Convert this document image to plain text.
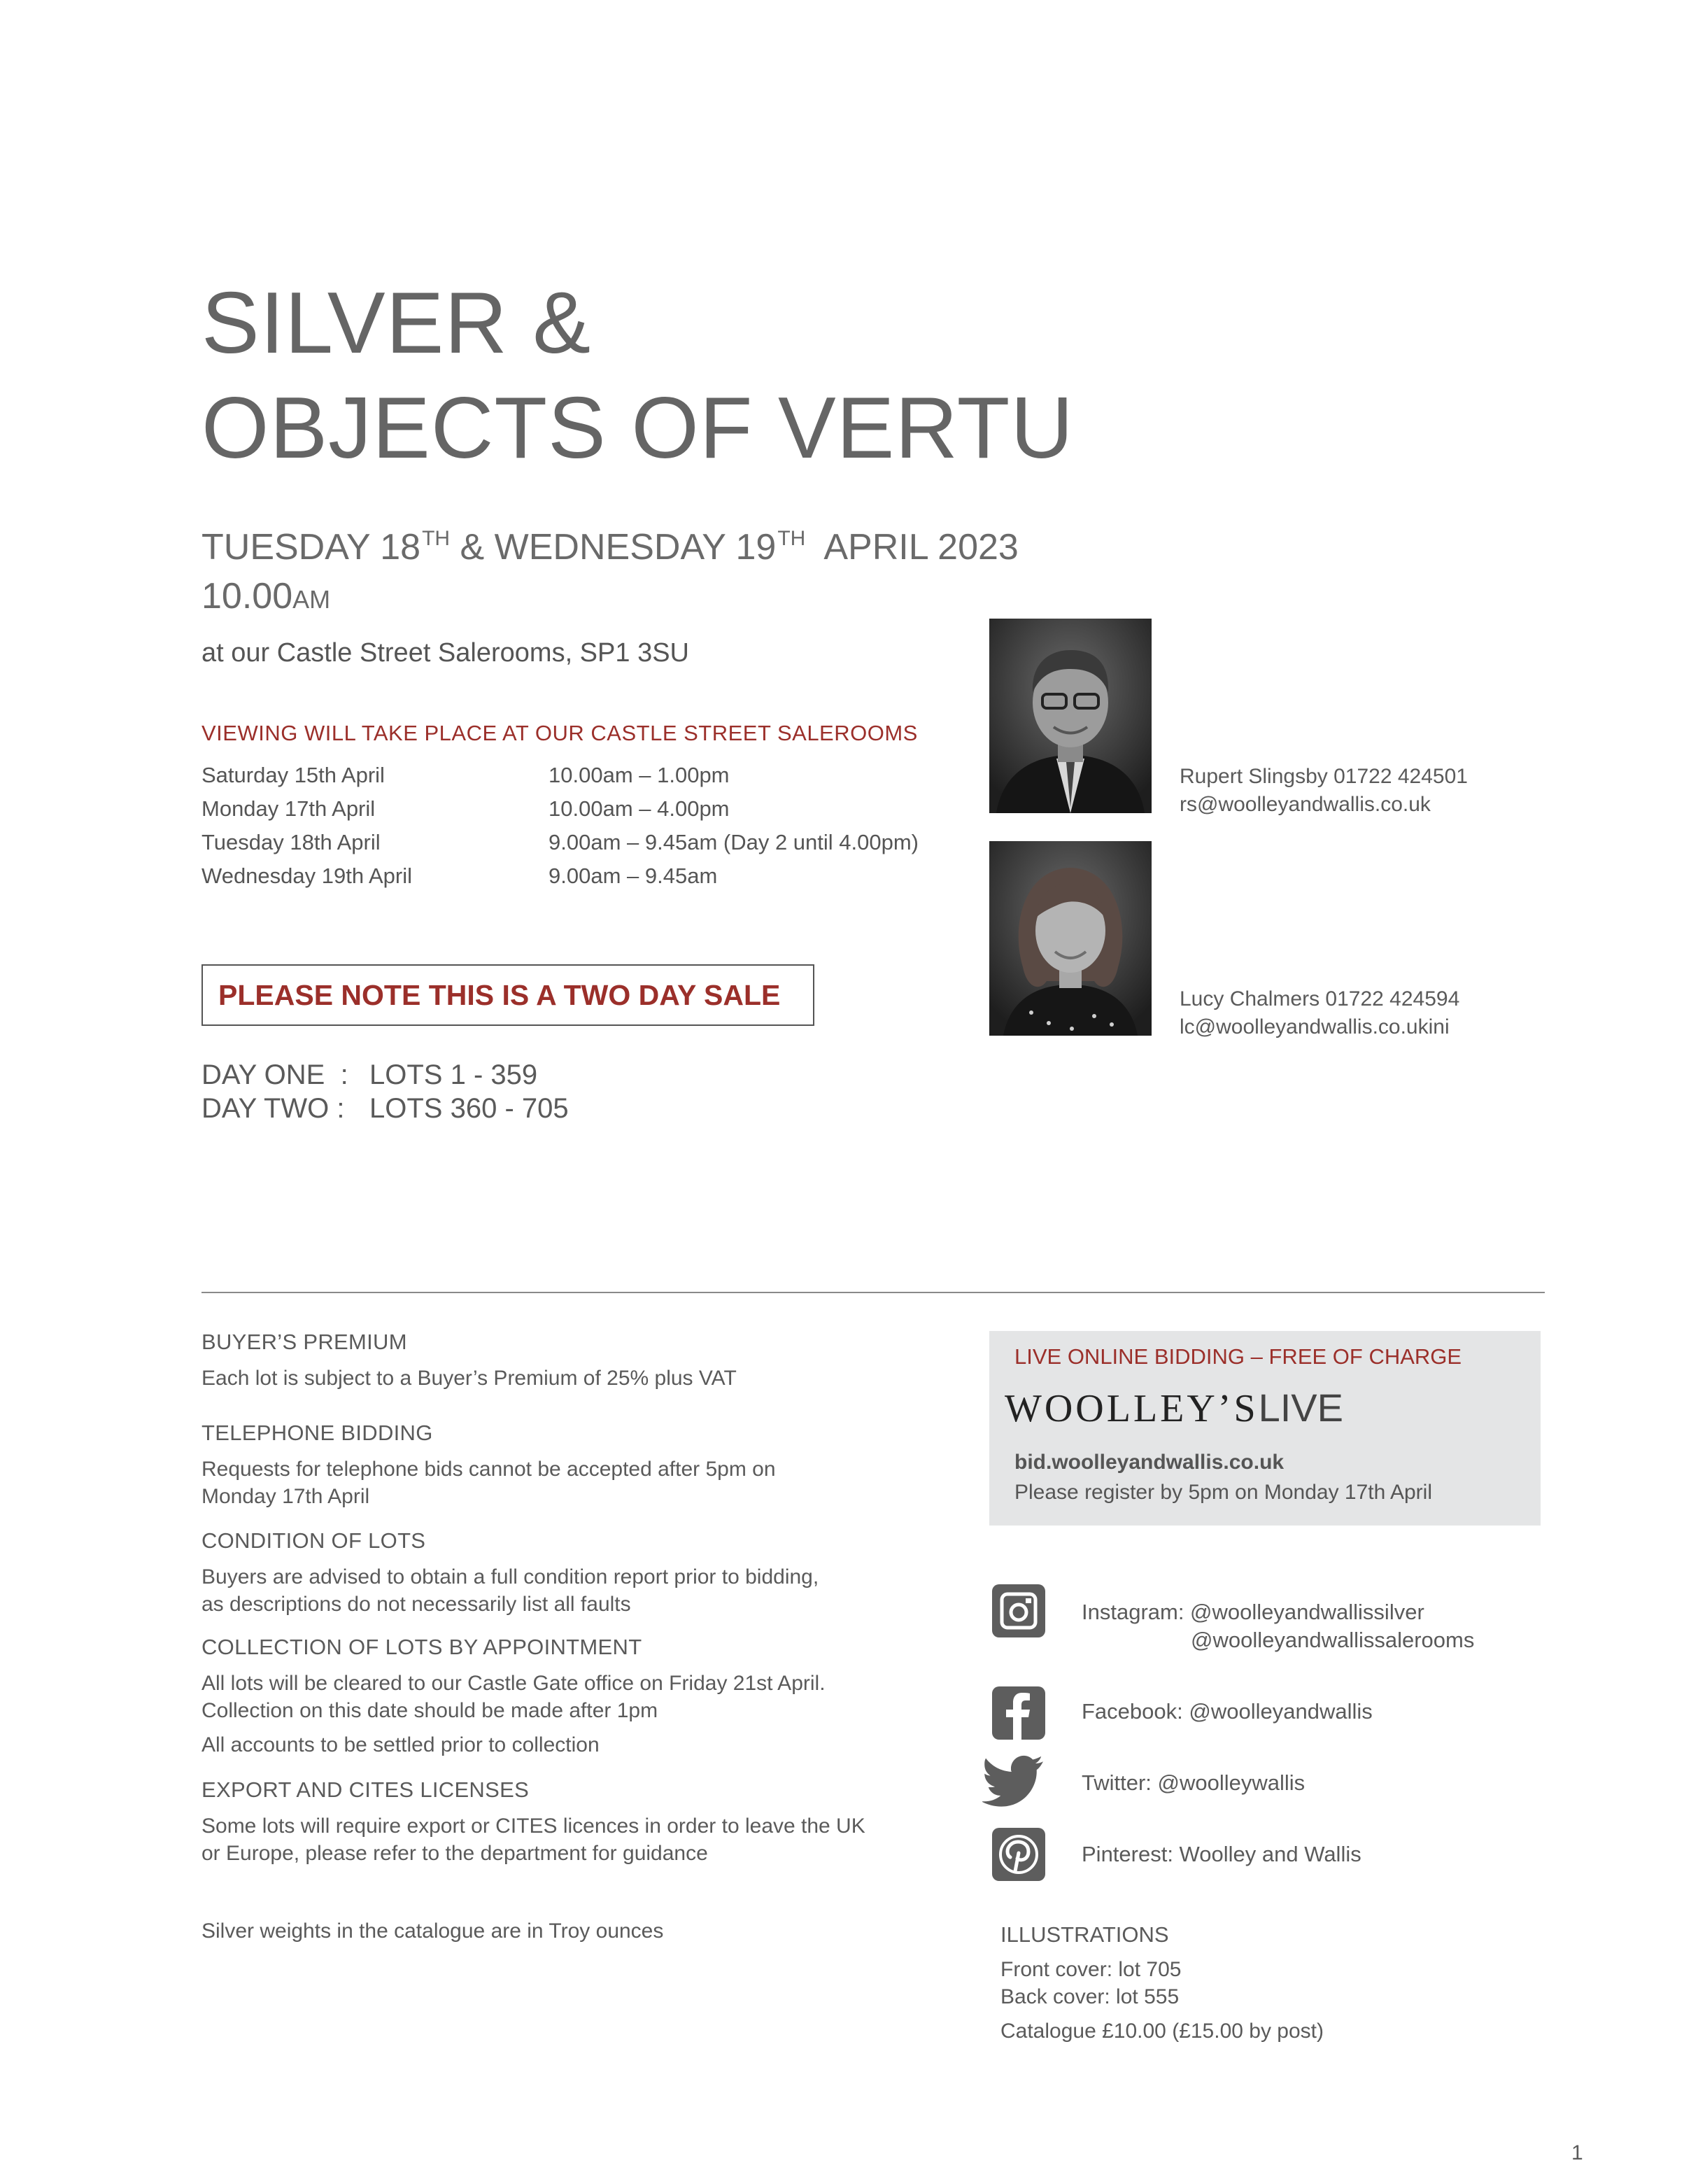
SILVER &
OBJECTS OF VERTU
TUESDAY 18TH & WEDNESDAY 19TH  APRIL 2023
10.00AM
at our Castle Street Salerooms, SP1 3SU
VIEWING WILL TAKE PLACE AT OUR CASTLE STREET SALEROOMS
Saturday 15th April	10.00am – 1.00pm
Monday 17th April	10.00am – 4.00pm
Tuesday 18th April	9.00am – 9.45am (Day 2 until 4.00pm)
Wednesday 19th April	9.00am – 9.45am
PLEASE NOTE THIS IS A TWO DAY SALE
DAY ONE  : LOTS 1 - 359
DAY TWO : LOTS 360 - 705
Rupert Slingsby 01722 424501
rs@woolleyandwallis.co.uk
Lucy Chalmers 01722 424594
lc@woolleyandwallis.co.ukini

BUYER’S PREMIUM

Each lot is subject to a Buyer’s Premium of 25% plus VAT

TELEPHONE BIDDING

Requests for telephone bids cannot be accepted after 5pm on

Monday 17th April

CONDITION OF LOTS

Buyers are advised to obtain a full condition report prior to bidding,

as descriptions do not necessarily list all faults

COLLECTION OF LOTS BY APPOINTMENT

All lots will be cleared to our Castle Gate office on Friday 21st April.

Collection on this date should be made after 1pm

All accounts to be settled prior to collection

EXPORT AND CITES LICENSES

Some lots will require export or CITES licences in order to leave the UK

or Europe, please refer to the department for guidance

Silver weights in the catalogue are in Troy ounces

LIVE ONLINE BIDDING – FREE OF CHARGE
WOOLLEY’SLIVE
bid.woolleyandwallis.co.uk
Please register by 5pm on Monday 17th April
Instagram: @woolleyandwallissilver
@woolleyandwallissalerooms
Facebook: @woolleyandwallis
Twitter: @woolleywallis
Pinterest: Woolley and Wallis
ILLUSTRATIONS
Front cover: lot 705
Back cover: lot 555
Catalogue £10.00 (£15.00 by post)
1
